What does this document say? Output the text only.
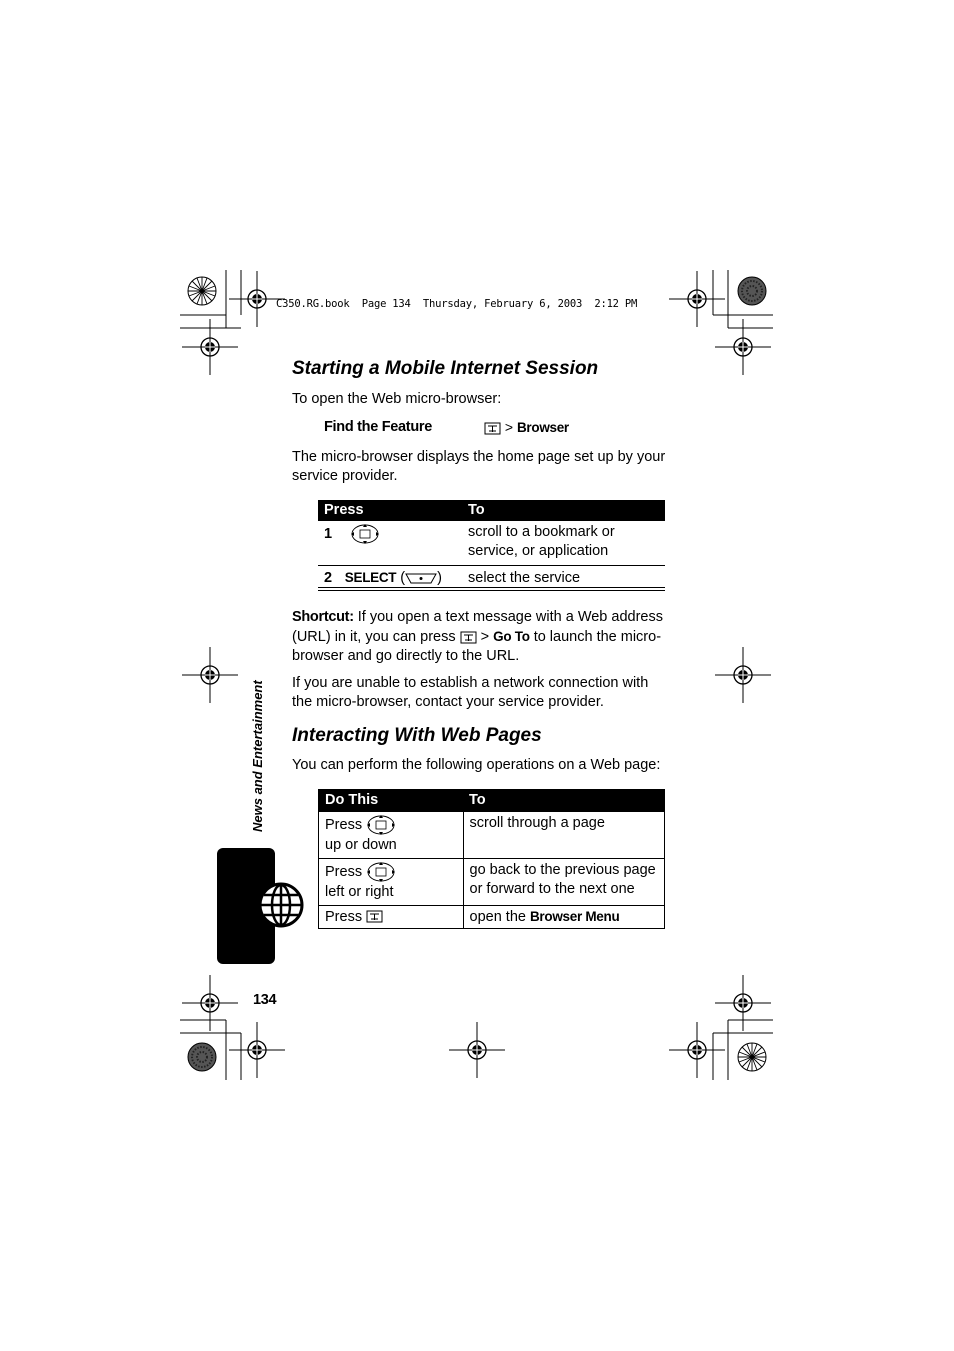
C350.RG.book  Page 134  Thursday, February 6, 2003  2:12 PM
Starting a Mobile Internet Session
To open the Web micro-browser:
Find the Feature	> Browser
The micro-browser displays the home page set up by your service provider.
Press	To
1	scroll to a bookmark or service, or application
2 SELECT ( )	select the service
Shortcut: If you open a text message with a Web address (URL) in it, you can press > Go To to launch the micro-browser and go directly to the URL.
If you are unable to establish a network connection with the micro-browser, contact your service provider.
Interacting With Web Pages
You can perform the following operations on a Web page:
Do This	To
Press
up or down	scroll through a page
Press
left or right	go back to the previous page or forward to the next one
Press	open the Browser Menu
News and Entertainment
134
